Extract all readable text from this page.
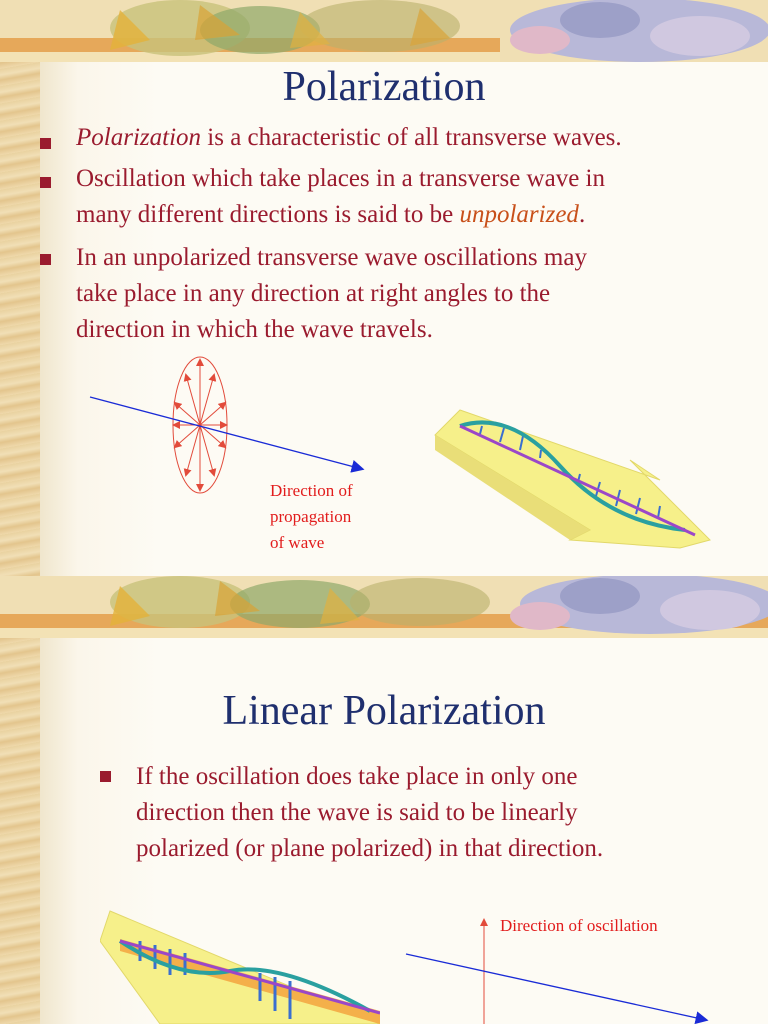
Polarization
Polarization is a characteristic of all transverse waves.
Oscillation which take places in a transverse wave in
many different directions is said to be unpolarized.
In an unpolarized transverse wave oscillations may
take place in any direction at right angles to the
direction in which the wave travels.
Direction of
propagation
of wave
Linear Polarization
If the oscillation does take place in only one
direction then the wave is said to be linearly
polarized (or plane polarized) in that direction.
Direction of oscillation
